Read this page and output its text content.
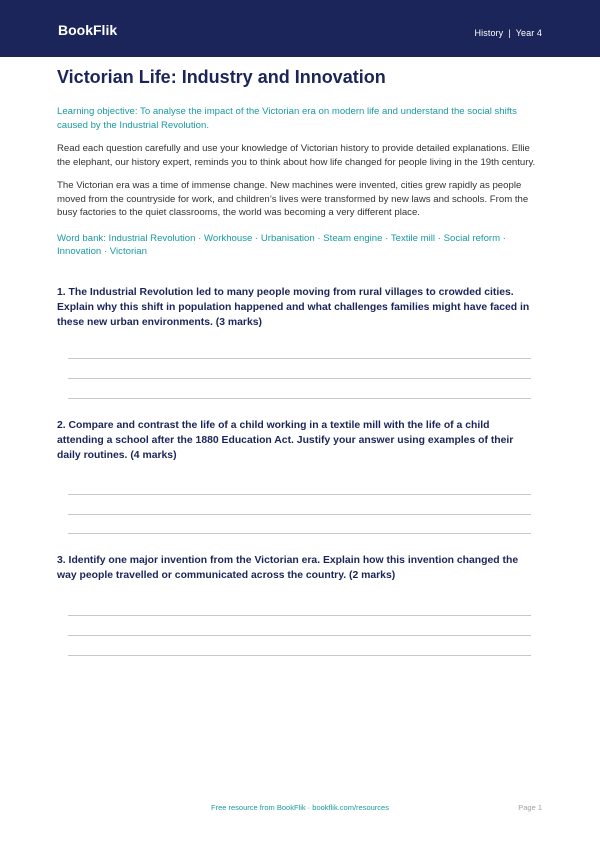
BookFlik	History | Year 4
Victorian Life: Industry and Innovation

Learning objective: To analyse the impact of the Victorian era on modern life and understand the social shifts caused by the Industrial Revolution.

Read each question carefully and use your knowledge of Victorian history to provide detailed explanations. Ellie the elephant, our history expert, reminds you to think about how life changed for people living in the 19th century.

The Victorian era was a time of immense change. New machines were invented, cities grew rapidly as people moved from the countryside for work, and children’s lives were transformed by new laws and schools. From the busy factories to the quiet classrooms, the world was becoming a very different place.

Word bank: Industrial Revolution · Workhouse · Urbanisation · Steam engine · Textile mill · Social reform · Innovation · Victorian

1. The Industrial Revolution led to many people moving from rural villages to crowded cities. Explain why this shift in population happened and what challenges families might have faced in these new urban environments. (3 marks)

2. Compare and contrast the life of a child working in a textile mill with the life of a child attending a school after the 1880 Education Act. Justify your answer using examples of their daily routines. (4 marks)

3. Identify one major invention from the Victorian era. Explain how this invention changed the way people travelled or communicated across the country. (2 marks)

Free resource from BookFlik · bookflik.com/resources	Page 1
